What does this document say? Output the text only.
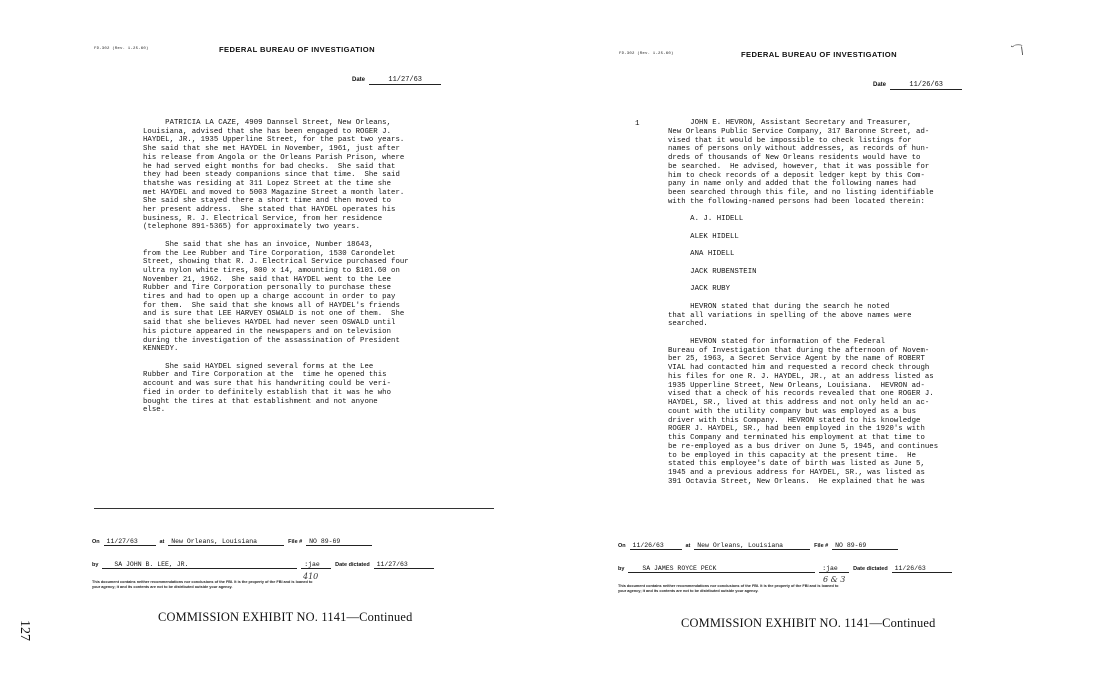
FD-302 (Rev. 1-25-60)	FEDERAL BUREAU OF INVESTIGATION
Date	11/27/63
PATRICIA LA CAZE, 4909 Dannsel Street, New Orleans,
Louisiana, advised that she has been engaged to ROGER J.
HAYDEL, JR., 1935 Upperline Street, for the past two years.
She said that she met HAYDEL in November, 1961, just after
his release from Angola or the Orleans Parish Prison, where
he had served eight months for bad checks.  She said that
they had been steady companions since that time.  She said
thatshe was residing at 311 Lopez Street at the time she
met HAYDEL and moved to 5003 Magazine Street a month later.
She said she stayed there a short time and then moved to
her present address.  She stated that HAYDEL operates his
business, R. J. Electrical Service, from her residence
(telephone 891-5365) for approximately two years.

She said that she has an invoice, Number 18643,
from the Lee Rubber and Tire Corporation, 1530 Carondelet
Street, showing that R. J. Electrical Service purchased four
ultra nylon white tires, 800 x 14, amounting to $101.60 on
November 21, 1962.  She said that HAYDEL went to the Lee
Rubber and Tire Corporation personally to purchase these
tires and had to open up a charge account in order to pay
for them.  She said that she knows all of HAYDEL's friends
and is sure that LEE HARVEY OSWALD is not one of them.  She
said that she believes HAYDEL had never seen OSWALD until
his picture appeared in the newspapers and on television
during the investigation of the assassination of President
KENNEDY.

She said HAYDEL signed several forms at the Lee
Rubber and Tire Corporation at the  time he opened this
account and was sure that his handwriting could be veri-
fied in order to definitely establish that it was he who
bought the tires at that establishment and not anyone
else.
On 11/27/63	at New Orleans, Louisiana	File # NO 89-69
by SA JOHN B. LEE, JR.	:jae	Date dictated 11/27/63
410
This document contains neither recommendations nor conclusions of the FBI. It is the property of the FBI and is loaned to
your agency; it and its contents are not to be distributed outside your agency.
COMMISSION EXHIBIT NO. 1141—Continued
127
FD-302 (Rev. 1-25-60)	FEDERAL BUREAU OF INVESTIGATION	˘ ͡ \
Date	11/26/63
1	JOHN E. HEVRON, Assistant Secretary and Treasurer,
New Orleans Public Service Company, 317 Baronne Street, ad-
vised that it would be impossible to check listings for
names of persons only without addresses, as records of hun-
dreds of thousands of New Orleans residents would have to
be searched.  He advised, however, that it was possible for
him to check records of a deposit ledger kept by this Com-
pany in name only and added that the following names had
been searched through this file, and no listing identifiable
with the following-named persons had been located therein:

A. J. HIDELL

ALEK HIDELL

ANA HIDELL

JACK RUBENSTEIN

JACK RUBY

HEVRON stated that during the search he noted
that all variations in spelling of the above names were
searched.

HEVRON stated for information of the Federal
Bureau of Investigation that during the afternoon of Novem-
ber 25, 1963, a Secret Service Agent by the name of ROBERT
VIAL had contacted him and requested a record check through
his files for one R. J. HAYDEL, JR., at an address listed as
1935 Upperline Street, New Orleans, Louisiana.  HEVRON ad-
vised that a check of his records revealed that one ROGER J.
HAYDEL, SR., lived at this address and not only held an ac-
count with the utility company but was employed as a bus
driver with this Company.  HEVRON stated to his knowledge
ROGER J. HAYDEL, SR., had been employed in the 1920's with
this Company and terminated his employment at that time to
be re-employed as a bus driver on June 5, 1945, and continues
to be employed in this capacity at the present time.  He
stated this employee's date of birth was listed as June 5,
1945 and a previous address for HAYDEL, SR., was listed as
391 Octavia Street, New Orleans.  He explained that he was
On 11/26/63	at New Orleans, Louisiana	File # NO 89-69
by	SA JAMES ROYCE PECK	:jae	Date dictated 11/26/63
6 & 3
This document contains neither recommendations nor conclusions of the FBI. It is the property of the FBI and is loaned to
your agency; it and its contents are not to be distributed outside your agency.
COMMISSION EXHIBIT NO. 1141—Continued
